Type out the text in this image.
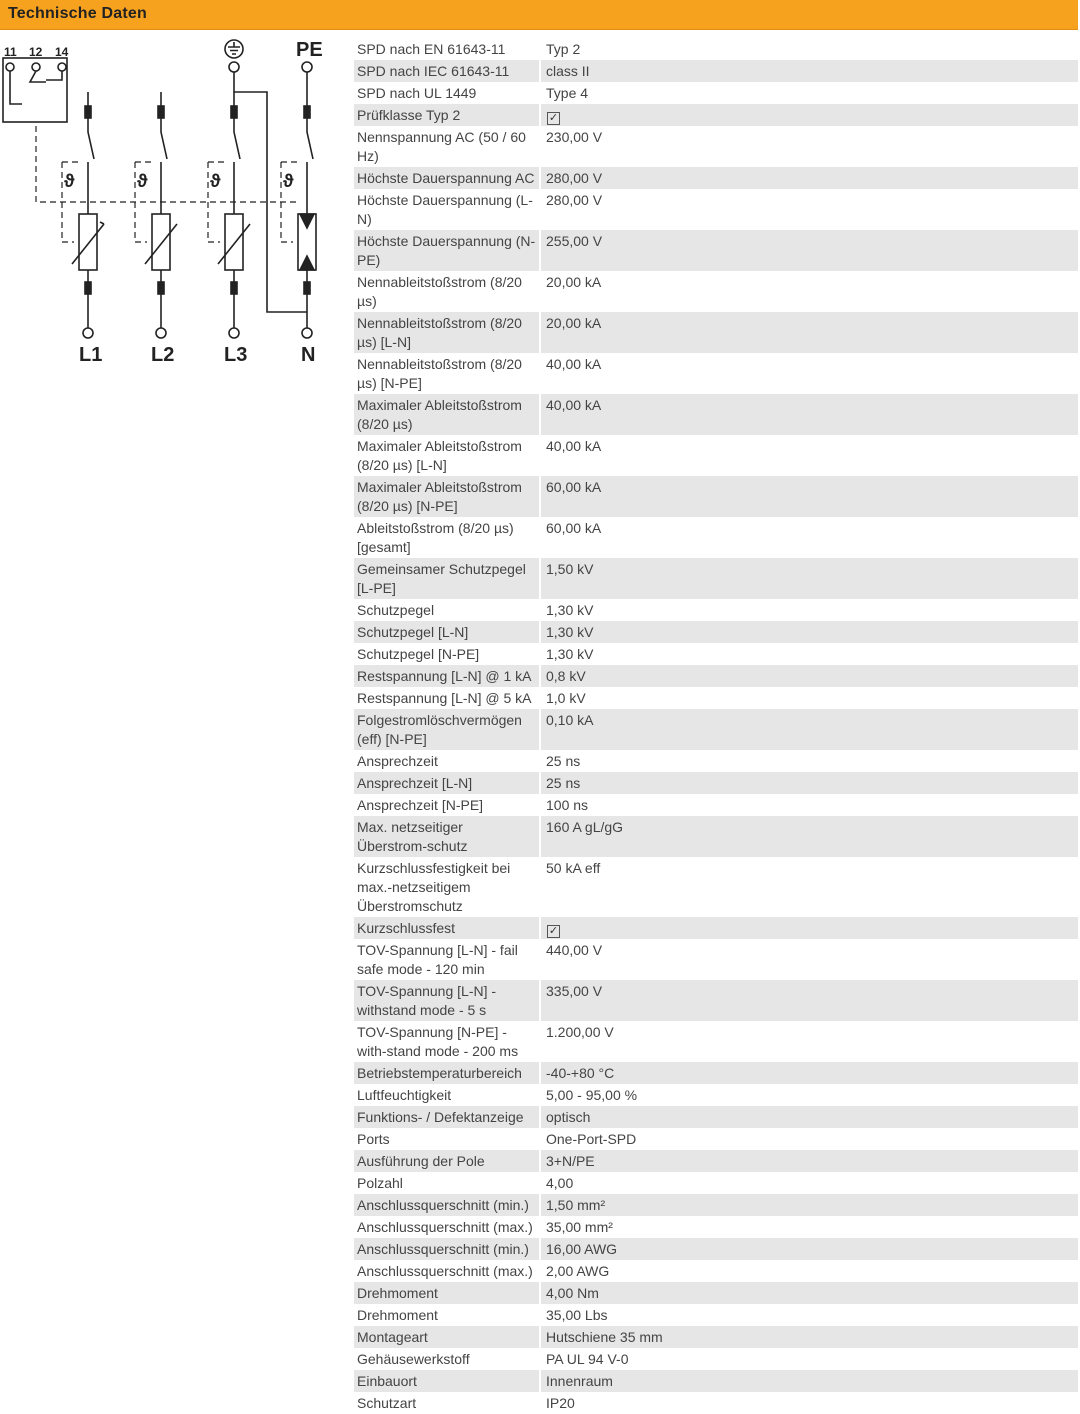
Technische Daten
ϑ	ϑ	ϑ	ϑ
11 12 14	PE
L1 L2 L3	N
SPD nach EN 61643-11	Typ 2
SPD nach IEC 61643-11	class II
SPD nach UL 1449	Type 4
Prüfklasse Typ 2	✓
Nennspannung AC (50 / 60 Hz)	230,00 V
Höchste Dauerspannung AC	280,00 V
Höchste Dauerspannung (L-N)	280,00 V
Höchste Dauerspannung (N-PE)	255,00 V
Nennableitstoßstrom (8/20 µs)	20,00 kA
Nennableitstoßstrom (8/20 µs) [L-N]	20,00 kA
Nennableitstoßstrom (8/20 µs) [N-PE]	40,00 kA
Maximaler Ableitstoßstrom (8/20 µs)	40,00 kA
Maximaler Ableitstoßstrom (8/20 µs) [L-N]	40,00 kA
Maximaler Ableitstoßstrom (8/20 µs) [N-PE]	60,00 kA
Ableitstoßstrom (8/20 µs) [gesamt]	60,00 kA
Gemeinsamer Schutzpegel [L-PE]	1,50 kV
Schutzpegel	1,30 kV
Schutzpegel [L-N]	1,30 kV
Schutzpegel [N-PE]	1,30 kV
Restspannung [L-N] @ 1 kA	0,8 kV
Restspannung [L-N] @ 5 kA	1,0 kV
Folgestromlöschvermögen (eff) [N-PE]	0,10 kA
Ansprechzeit	25 ns
Ansprechzeit [L-N]	25 ns
Ansprechzeit [N-PE]	100 ns
Max. netzseitiger Überstrom-schutz	160 A gL/gG
Kurzschlussfestigkeit bei max.-netzseitigem Überstromschutz	50 kA eff
Kurzschlussfest	✓
TOV-Spannung [L-N] - fail safe mode - 120 min	440,00 V
TOV-Spannung [L-N] - withstand mode - 5 s	335,00 V
TOV-Spannung [N-PE] - with-stand mode - 200 ms	1.200,00 V
Betriebstemperaturbereich	-40-+80 °C
Luftfeuchtigkeit	5,00 - 95,00 %
Funktions- / Defektanzeige	optisch
Ports	One-Port-SPD
Ausführung der Pole	3+N/PE
Polzahl	4,00
Anschlussquerschnitt (min.)	1,50 mm²
Anschlussquerschnitt (max.)	35,00 mm²
Anschlussquerschnitt (min.)	16,00 AWG
Anschlussquerschnitt (max.)	2,00 AWG
Drehmoment	4,00 Nm
Drehmoment	35,00 Lbs
Montageart	Hutschiene 35 mm
Gehäusewerkstoff	PA UL 94 V-0
Einbauort	Innenraum
Schutzart	IP20
